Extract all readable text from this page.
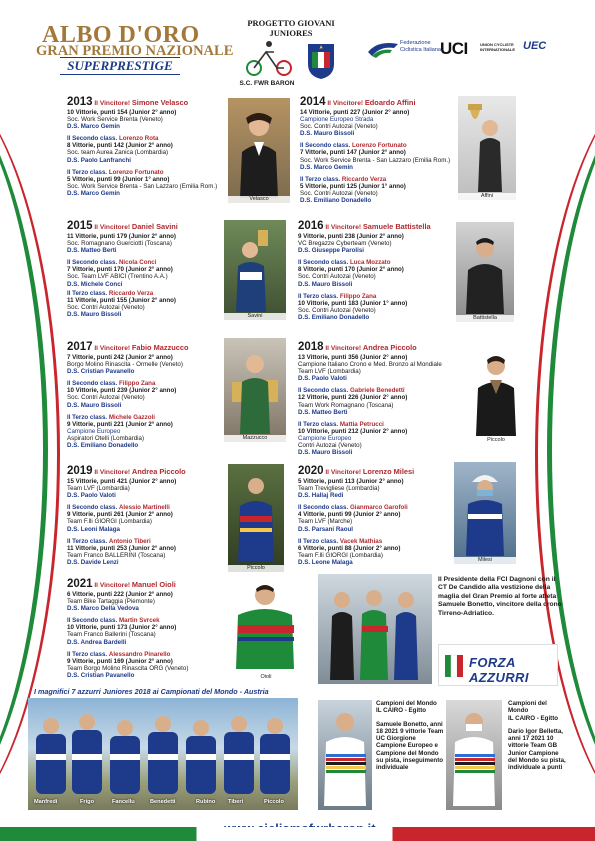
ALBO D'ORO
GRAN PREMIO NAZIONALE
SUPERPRESTIGE
PROGETTO GIOVANI JUNIORES
S.C. FWR BARON
Federazione Ciclistica Italiana UCI	UNION CYCLISTE INTERNATIONALE UEC
2013 Il Vincitore! Simone Velasco
10 Vittorie, punti 154 (Junior 2° anno)
Soc. Work Service Brenta (Veneto)
D.S. Marco Gemin
Il Secondo class. Lorenzo Rota
8 Vittorie, punti 142 (Junior 2° anno)
Soc. team Aurea Zanica (Lombardia)
D.S. Paolo Lanfranchi
Il Terzo class. Lorenzo Fortunato
5 Vittorie, punti 99 (Junior 1° anno)
Soc. Work Service Brenta - San Lazzaro (Emilia Rom.)
D.S. Marco Gemin
Velasco
2014 Il Vincitore! Edoardo Affini
14 Vittorie, punti 227 (Junior 2° anno)
Campione Europeo Strada
Soc. Contri Autozai (Veneto)
D.S. Mauro Bissoli
Il Secondo class. Lorenzo Fortunato
7 Vittorie, punti 147 (Junior 2° anno)
Soc. Work Service Brenta - San Lazzaro (Emilia Rom.)
D.S. Marco Gemin
Il Terzo class. Riccardo Verza
5 Vittorie, punti 125 (Junior 1° anno)
Soc. Contri Autozai (Veneto)
D.S. Emiliano Donadello
Affini
2015 Il Vincitore! Daniel Savini
11 Vittorie, punti 179 (Junior 2° anno)
Soc. Romagnano Guerciotti (Toscana)
D.S. Matteo Berti
Il Secondo class. Nicola Conci
7 Vittorie, punti 170 (Junior 2° anno)
Soc. Team LVF ABICI (Trentino A.A.)
D.S. Michele Conci
Il Terzo class. Riccardo Verza
11 Vittorie, punti 155 (Junior 2° anno)
Soc. Contri Autozai (Veneto)
D.S. Mauro Bissoli	Savini
2016 Il Vincitore! Samuele Battistella
9 Vittorie, punti 238 (Junior 2° anno)
VC Bregazze Cyberteam (Veneto)
D.S. Giuseppe Parolisi
Il Secondo class. Luca Mozzato
8 Vittorie, punti 170 (Junior 2° anno)
Soc. Contri Autozai (Veneto)
D.S. Mauro Bissoli
Il Terzo class. Filippo Zana
10 Vittorie, punti 183 (Junior 1° anno)
Soc. Contri Autozai (Veneto)
D.S. Emiliano Donadello	Battistella
2017 Il Vincitore! Fabio Mazzucco
7 Vittorie, punti 242 (Junior 2° anno)
Borgo Molino Rinascita - Ormelle (Veneto)
D.S. Cristian Pavanello
Il Secondo class. Filippo Zana
10 Vittorie, punti 239 (Junior 2° anno)
Soc. Contri Autozai (Veneto)
D.S. Mauro Bissoli
Il Terzo class. Michele Gazzoli
9 Vittorie, punti 221 (Junior 2° anno)
Campione Europeo
Aspiratori Otelli (Lombardia)
D.S. Emiliano Donadello
Mazzucco
2018 Il Vincitore! Andrea Piccolo
13 Vittorie, punti 356 (Junior 2° anno)
Campione Italiano Crono e Med. Bronzo al Mondiale
Team LVF (Lombardia)
D.S. Paolo Valoti
Il Secondo class. Gabriele Benedetti
12 Vittorie, punti 226 (Junior 2° anno)
Team Work Romagnano (Toscana)
D.S. Matteo Berti
Il Terzo class. Mattia Petrucci
10 Vittorie, punti 212 (Junior 2° anno)
Campione Europeo
Contri Autozai (Veneto)
D.S. Mauro Bissoli
Piccolo
2019 Il Vincitore! Andrea Piccolo
15 Vittorie, punti 421 (Junior 2° anno)
Team LVF (Lombardia)
D.S. Paolo Valoti
Il Secondo class. Alessio Martinelli
9 Vittorie, punti 261 (Junior 2° anno)
Team F.lli GIORGI (Lombardia)
D.S. Leoni Malaga
Il Terzo class. Antonio Tiberi
11 Vittorie, punti 253 (Junior 2° anno)
Team Franco BALLERINI (Toscana)
D.S. Davide Lenzi
Piccolo
2020 Il Vincitore! Lorenzo Milesi
5 Vittorie, punti 113 (Junior 2° anno)
Team Trevigliese (Lombardia)
D.S. Hallaj Redi
Il Secondo class. Gianmarco Garofoli
4 Vittorie, punti 99 (Junior 2° anno)
Team LVF (Marche)
D.S. Parsani Raoul
Il Terzo class. Vacek Mathias
6 Vittorie, punti 88 (Junior 2° anno)
Team F.lli GIORGI (Lombardia)
D.S. Leone Malaga	Milesi
2021 Il Vincitore! Manuel Oioli
6 Vittorie, punti 222 (Junior 2° anno)
Team Bike Tartaggia (Piemonte)
D.S. Marco Della Vedova
Il Secondo class. Martin Svrcek
10 Vittorie, punti 173 (Junior 2° anno)
Team Franco Ballerini (Toscana)
D.S. Andrea Bardelli
Il Terzo class. Alessandro Pinarello
9 Vittorie, punti 169 (Junior 2° anno)
Team Borgo Molino Rinascita ORG (Veneto)
D.S. Cristian Pavanello	Oioli
Il Presidente della FCI Dagnoni con il CT De Candido alla vestizione della maglia del Gran Premio al forte atleta Samuele Bonetto, vincitore della crono Tirreno-Adriatico.
FORZA AZZURRI
I magnifici 7 azzurri Juniores 2018 ai Campionati del Mondo - Austria
Manfredi	Frigo	Fancellu	Benedetti	Rubino Tiberi	Piccolo
Campioni del Mondo
IL CAIRO - Egitto
Samuele Bonetto, anni 18 2021 9 vittorie Team UC Giorgione Campione Europeo e Campione del Mondo su pista, inseguimento individuale
Campioni del Mondo
IL CAIRO - Egitto
Dario Igor Belletta, anni 17 2021 10 vittorie Team GB Junior Campione del Mondo su pista, individuale a punti
